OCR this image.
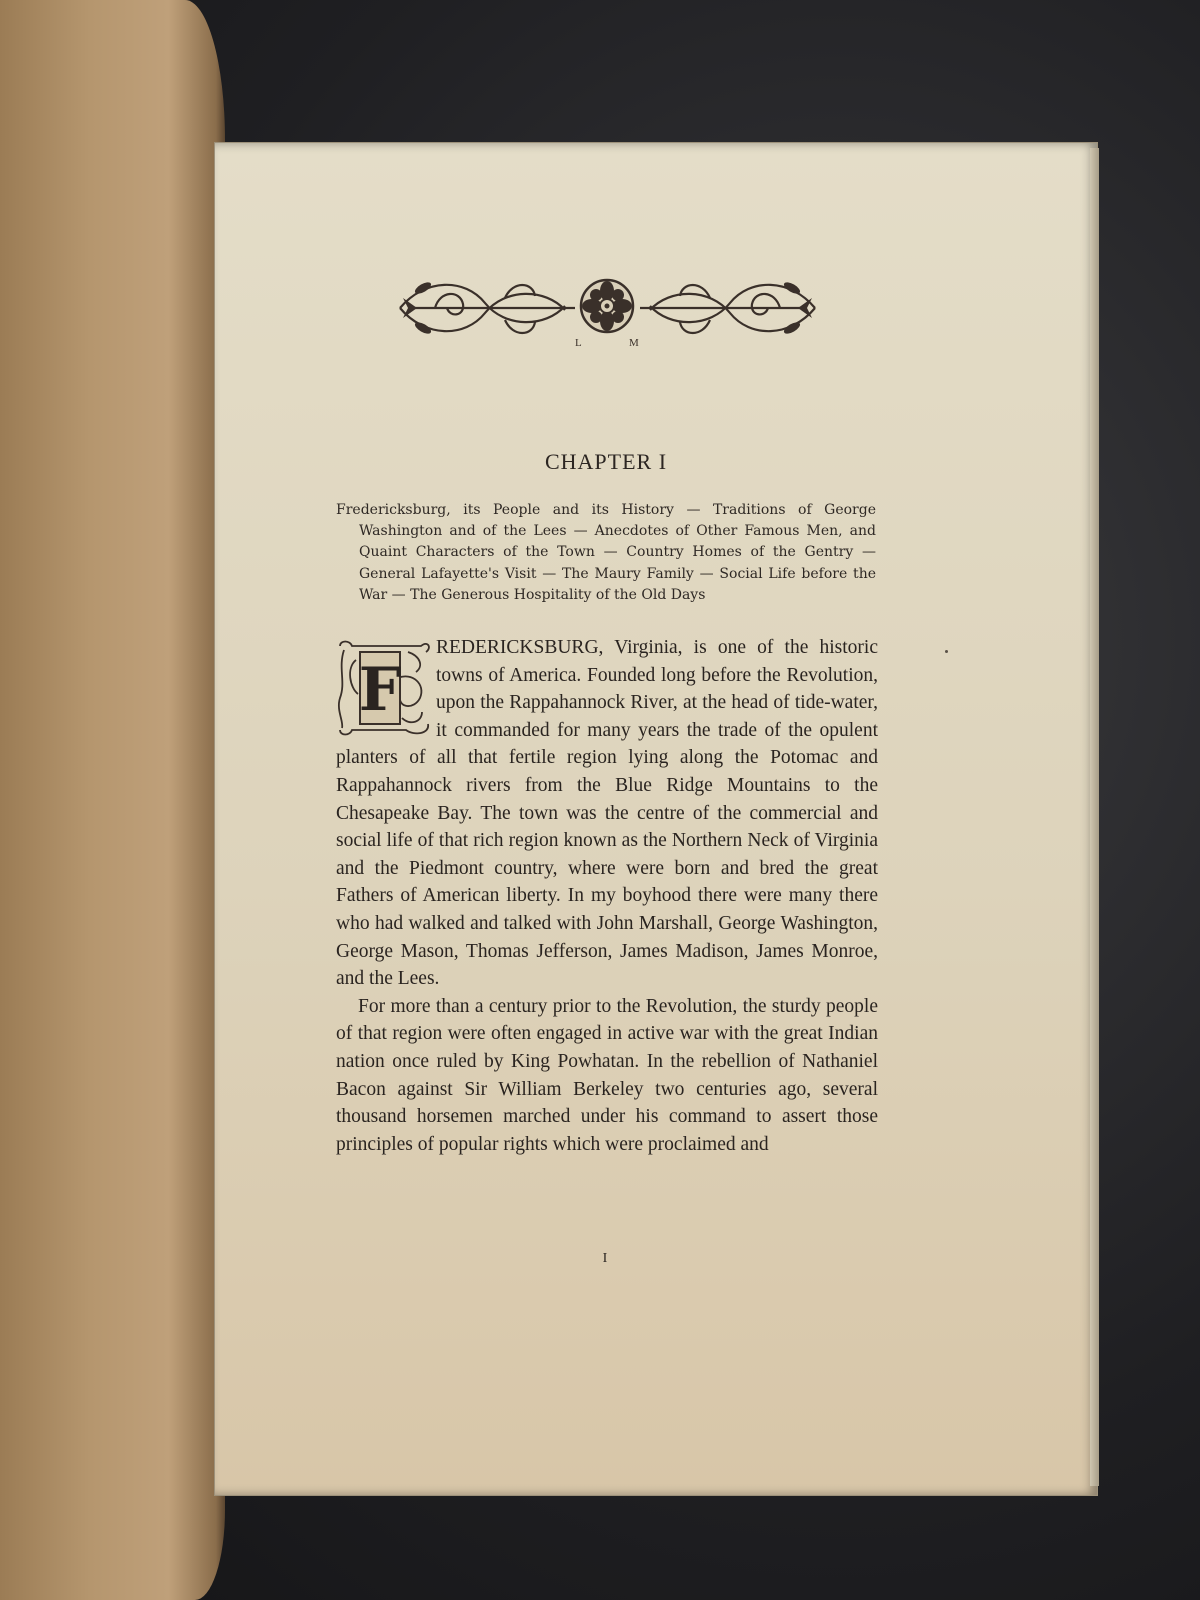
L	M
CHAPTER I
Fredericksburg, its People and its History — Traditions of George Washington and of the Lees — Anecdotes of Other Famous Men, and Quaint Characters of the Town — Country Homes of the Gentry — General Lafayette's Visit — The Maury Family — Social Life before the War — The Generous Hospitality of the Old Days
F

REDERICKSBURG, Virginia, is one of the historic towns of America. Founded long before the Revolution, upon the Rappahannock River, at the head of tide-water, it commanded for many years the trade of the opulent planters of all that fertile region lying along the Potomac and Rappahannock rivers from the Blue Ridge Mountains to the Chesapeake Bay. The town was the centre of the commercial and social life of that rich region known as the Northern Neck of Virginia and the Piedmont country, where were born and bred the great Fathers of American liberty. In my boyhood there were many there who had walked and talked with John Marshall, George Washington, George Mason, Thomas Jefferson, James Madison, James Monroe, and the Lees.

For more than a century prior to the Revolution, the sturdy people of that region were often engaged in active war with the great Indian nation once ruled by King Powhatan. In the rebellion of Nathaniel Bacon against Sir William Berkeley two centuries ago, several thousand horsemen marched under his command to assert those principles of popular rights which were proclaimed and

I
